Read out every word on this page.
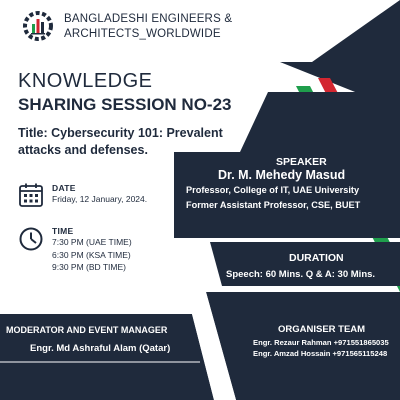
BANGLADESHI ENGINEERS &
ARCHITECTS_WORLDWIDE
KNOWLEDGE
SHARING SESSION NO-23
Title: Cybersecurity 101: Prevalent attacks and defenses.
DATE
Friday, 12 January, 2024.
TIME
7:30 PM (UAE TIME)
6:30 PM (KSA TIME)
9:30 PM (BD TIME)
SPEAKER
Dr. M. Mehedy Masud
Professor, College of IT, UAE University
Former Assistant Professor, CSE, BUET
DURATION
Speech: 60 Mins. Q & A: 30 Mins.
MODERATOR AND EVENT MANAGER
Engr. Md Ashraful Alam (Qatar)
ORGANISER TEAM
Engr. Rezaur Rahman +971551865035
Engr. Amzad Hossain +971565115248
